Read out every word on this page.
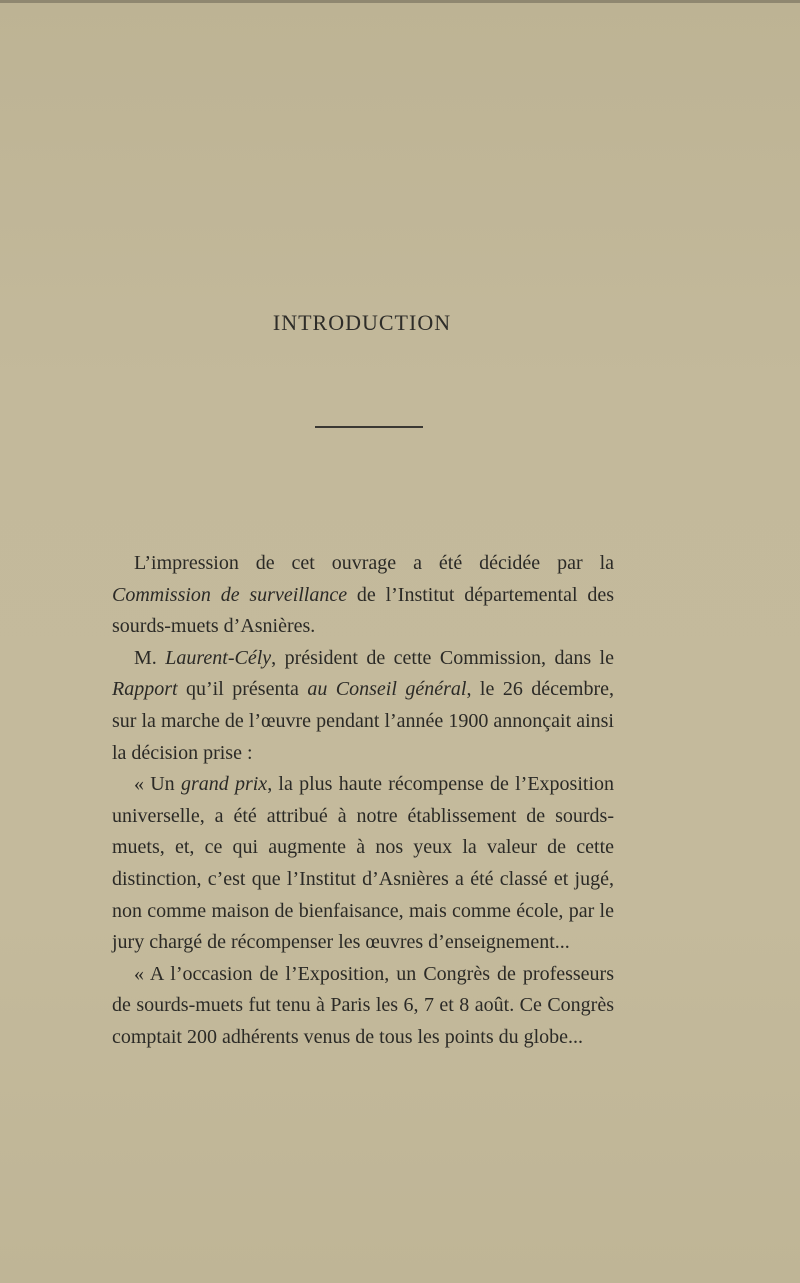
INTRODUCTION

L’impression de cet ouvrage a été décidée par la Commission de surveillance de l’Institut départemental des sourds-muets d’Asnières.

M. Laurent-Cély, président de cette Commission, dans le Rapport qu’il présenta au Conseil général, le 26 décembre, sur la marche de l’œuvre pendant l’année 1900 annonçait ainsi la décision prise :

« Un grand prix, la plus haute récompense de l’Exposition universelle, a été attribué à notre établissement de sourds-muets, et, ce qui augmente à nos yeux la valeur de cette distinction, c’est que l’Institut d’Asnières a été classé et jugé, non comme maison de bienfaisance, mais comme école, par le jury chargé de récompenser les œuvres d’enseignement...

« A l’occasion de l’Exposition, un Congrès de professeurs de sourds-muets fut tenu à Paris les 6, 7 et 8 août. Ce Congrès comptait 200 adhérents venus de tous les points du globe...
